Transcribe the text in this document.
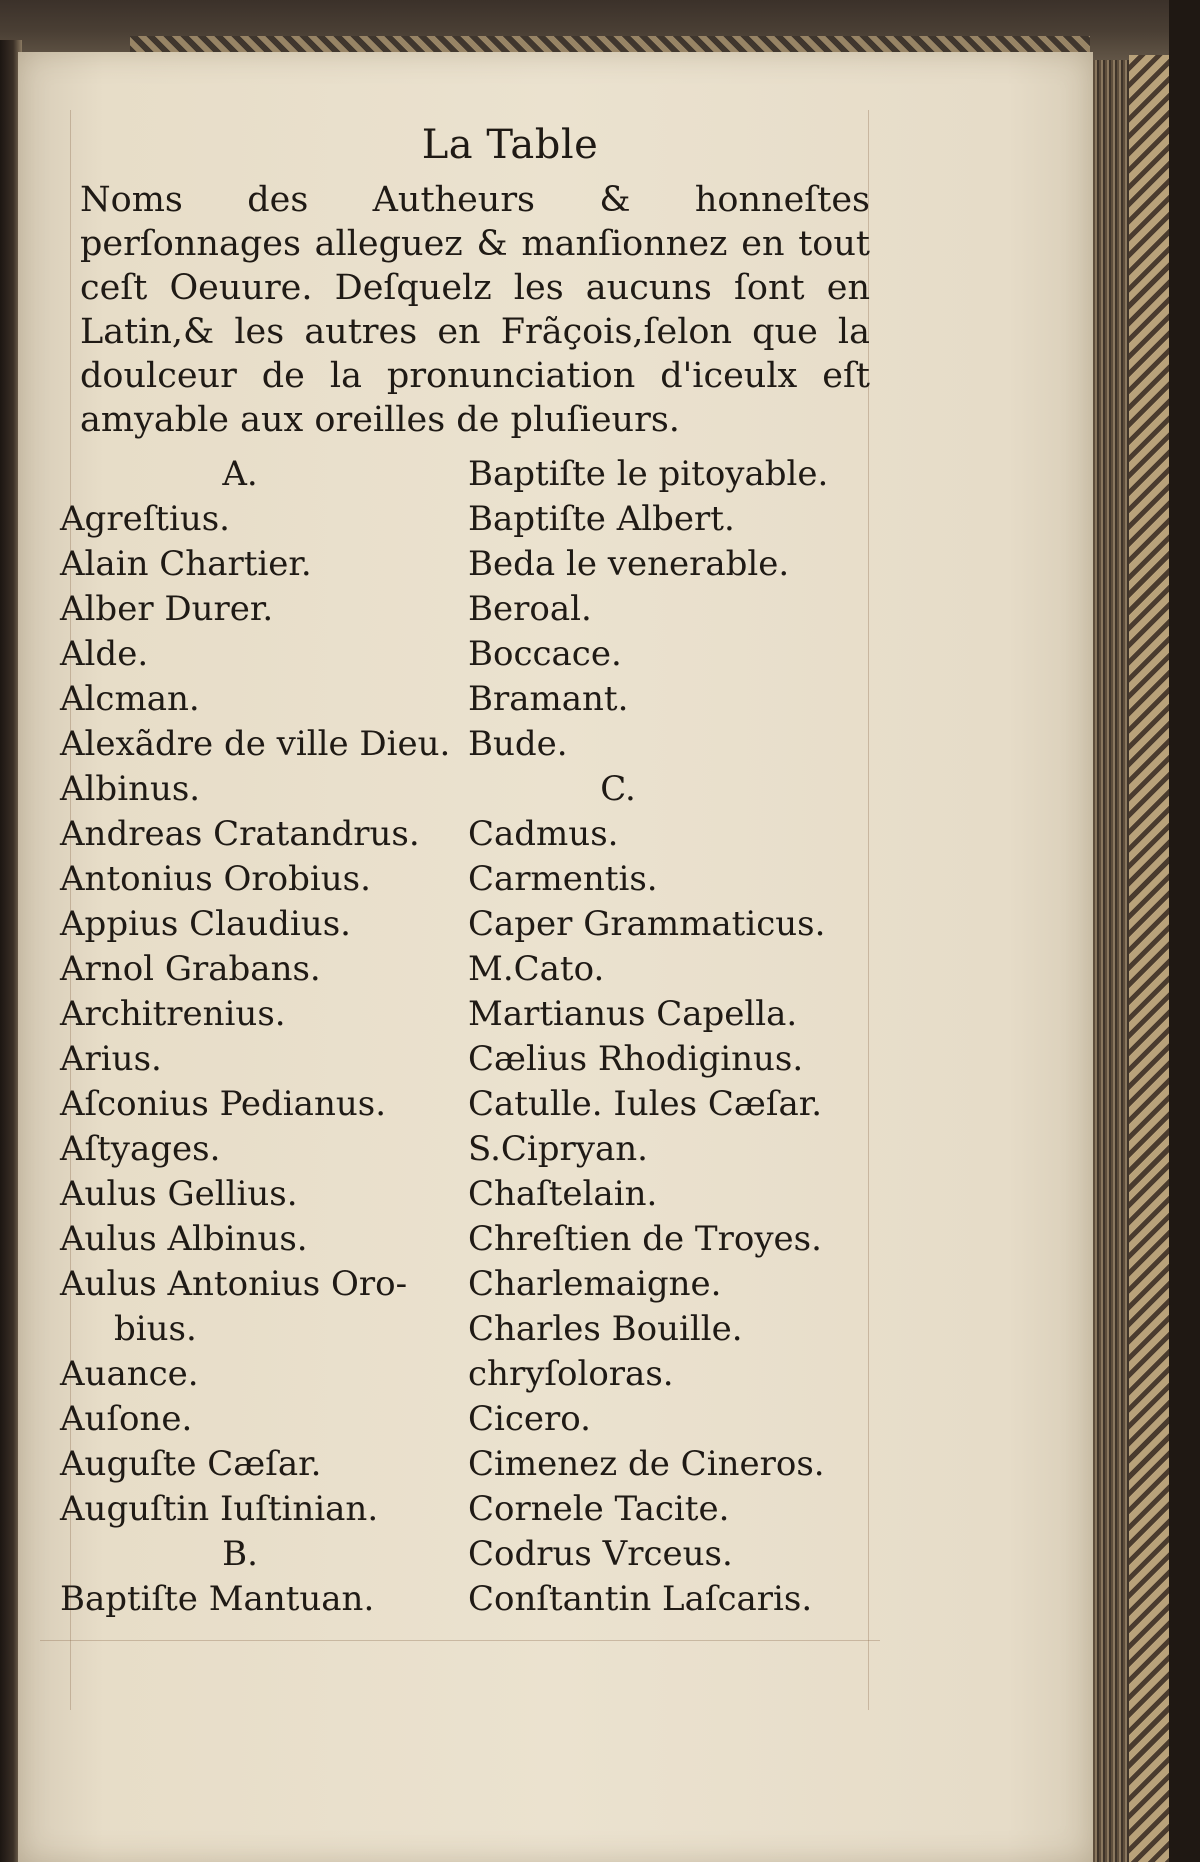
La Table
Noms des Autheurs & honneſtes perſonnages alleguez & manſionnez en tout ceſt Oeuure. Deſquelz les aucuns ſont en Latin,& les autres en Frãçois,ſelon que la doulceur de la pronunciation d'iceulx eſt amyable aux oreilles de pluſieurs.
A.
Agreſtius.
Alain Chartier.
Alber Durer.
Alde.
Alcman.
Alexãdre de ville Dieu.
Albinus.
Andreas Cratandrus.
Antonius Orobius.
Appius Claudius.
Arnol Grabans.
Architrenius.
Arius.
Aſconius Pedianus.
Aſtyages.
Aulus Gellius.
Aulus Albinus.
Aulus Antonius Oro-
bius.
Auance.
Auſone.
Auguſte Cæſar.
Auguſtin Iuſtinian.
B.
Baptiſte Mantuan.
Baptiſte le pitoyable.
Baptiſte Albert.
Beda le venerable.
Beroal.
Boccace.
Bramant.
Bude.
C.
Cadmus.
Carmentis.
Caper Grammaticus.
M.Cato.
Martianus Capella.
Cælius Rhodiginus.
Catulle. Iules Cæſar.
S.Cipryan.
Chaſtelain.
Chreſtien de Troyes.
Charlemaigne.
Charles Bouille.
chryſoloras.
Cicero.
Cimenez de Cineros.
Cornele Tacite.
Codrus Vrceus.
Conſtantin Laſcaris.
